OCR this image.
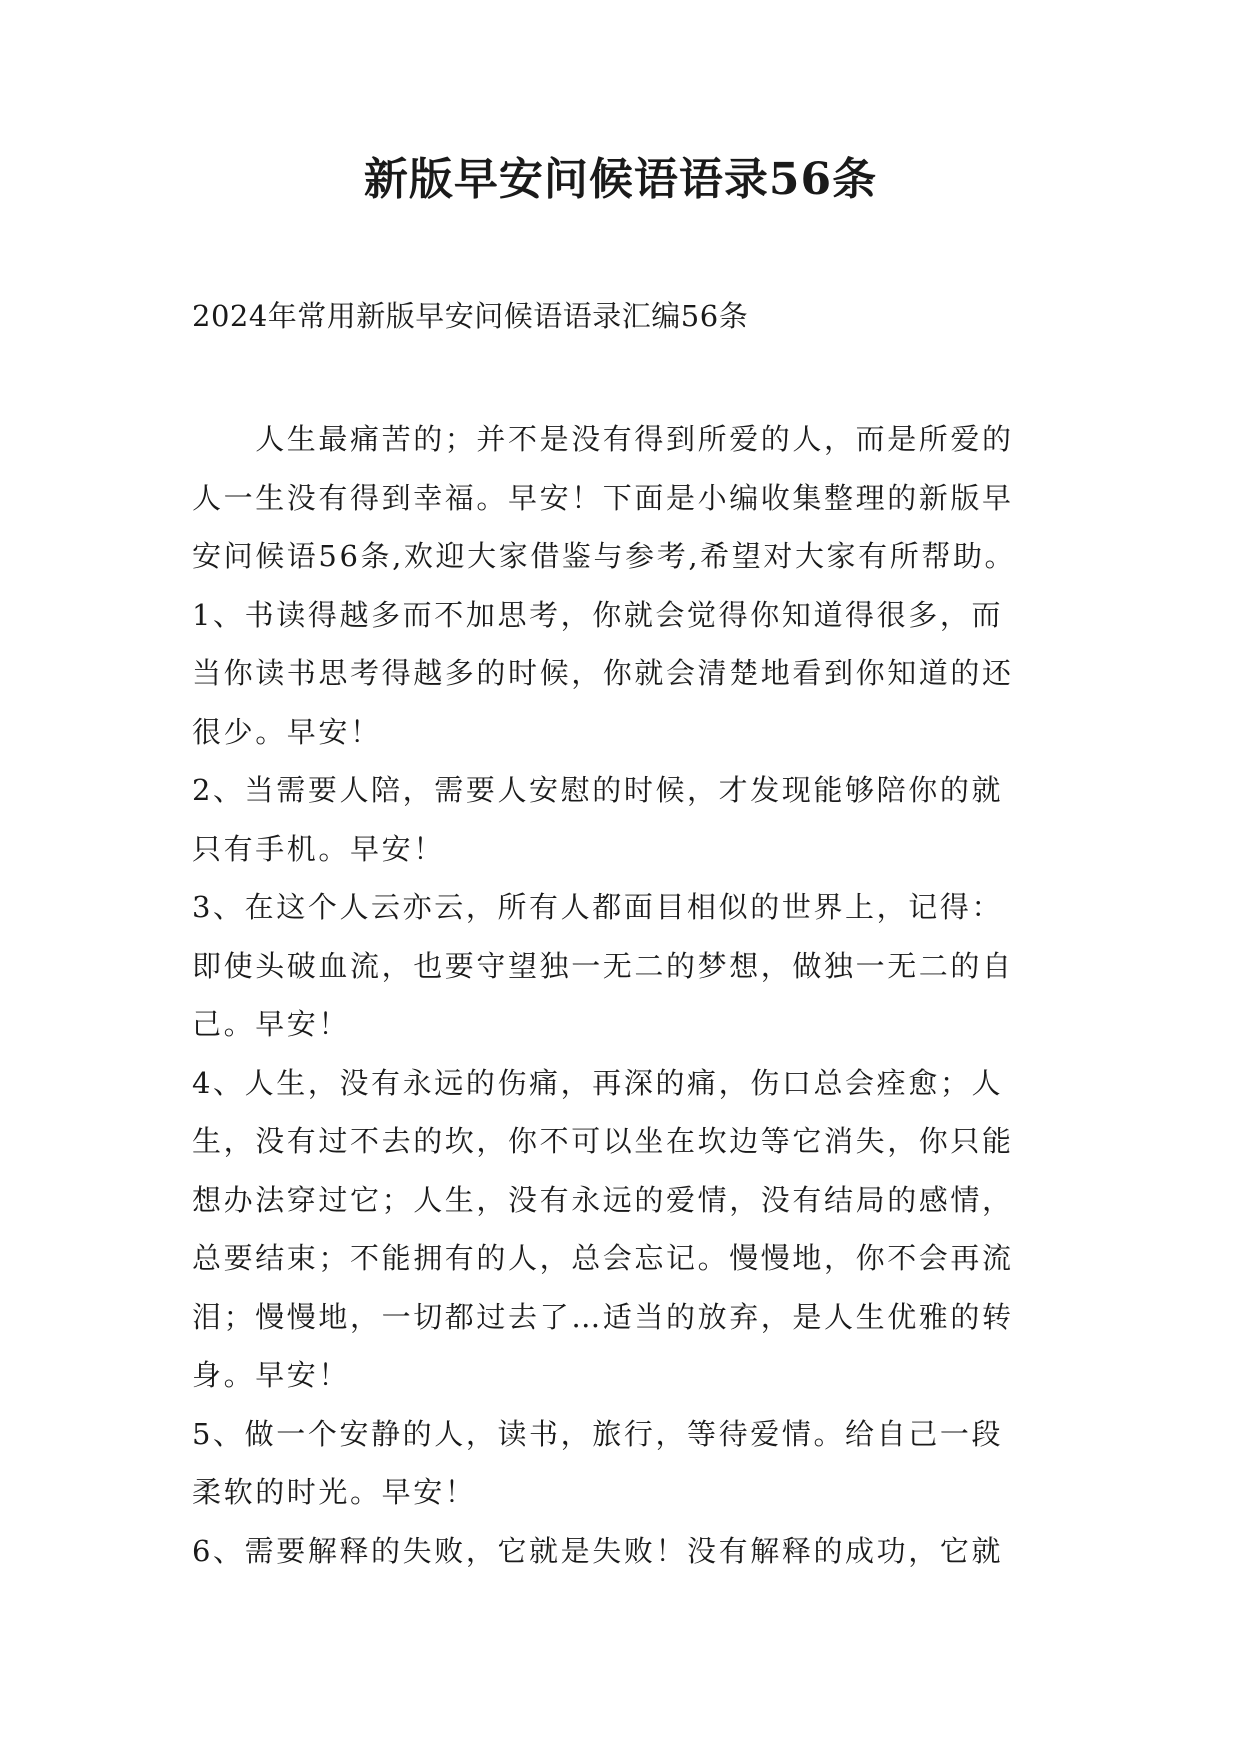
新版早安问候语语录56条
2024年常用新版早安问候语语录汇编56条
　　人生最痛苦的；并不是没有得到所爱的人，而是所爱的
人一生没有得到幸福。早安！下面是小编收集整理的新版早
安问候语56条,欢迎大家借鉴与参考,希望对大家有所帮助。
1、书读得越多而不加思考，你就会觉得你知道得很多，而
当你读书思考得越多的时候，你就会清楚地看到你知道的还
很少。早安！
2、当需要人陪，需要人安慰的时候，才发现能够陪你的就
只有手机。早安！
3、在这个人云亦云，所有人都面目相似的世界上，记得：
即使头破血流，也要守望独一无二的梦想，做独一无二的自
己。早安！
4、人生，没有永远的伤痛，再深的痛，伤口总会痊愈；人
生，没有过不去的坎，你不可以坐在坎边等它消失，你只能
想办法穿过它；人生，没有永远的爱情，没有结局的感情，
总要结束；不能拥有的人，总会忘记。慢慢地，你不会再流
泪；慢慢地，一切都过去了…适当的放弃，是人生优雅的转
身。早安！
5、做一个安静的人，读书，旅行，等待爱情。给自己一段
柔软的时光。早安！
6、需要解释的失败，它就是失败！没有解释的成功，它就
